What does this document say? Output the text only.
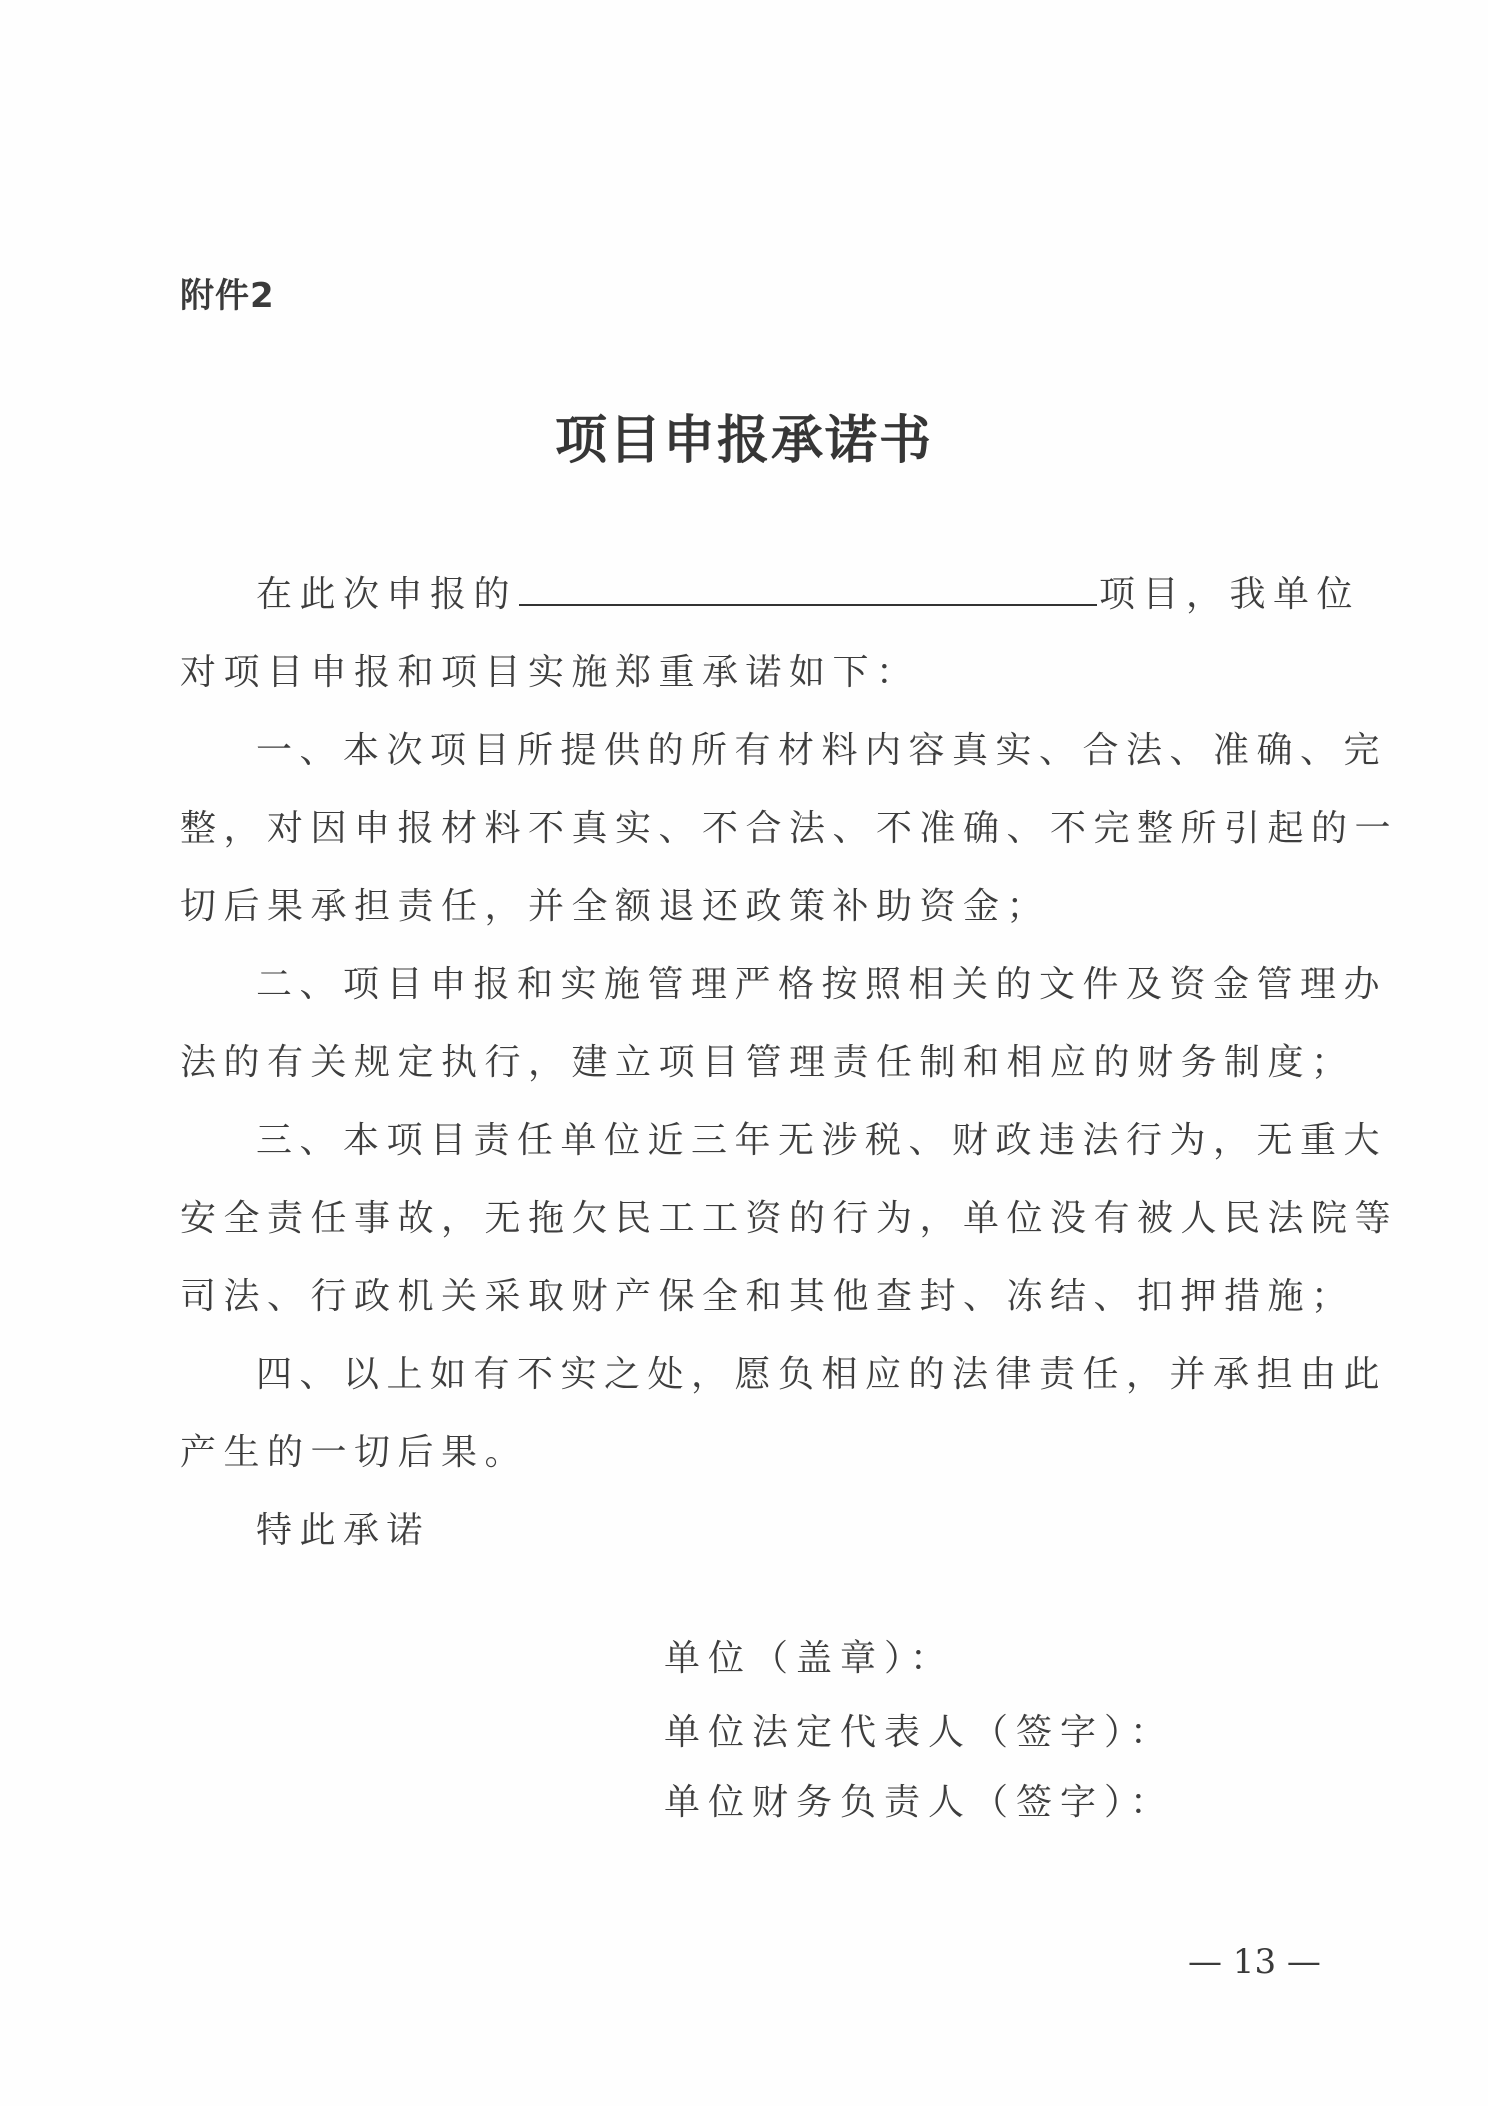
附件2
项目申报承诺书
在此次申报的	项目，我单位
对项目申报和项目实施郑重承诺如下：
一、本次项目所提供的所有材料内容真实、合法、准确、完
整，对因申报材料不真实、不合法、不准确、不完整所引起的一
切后果承担责任，并全额退还政策补助资金；
二、项目申报和实施管理严格按照相关的文件及资金管理办
法的有关规定执行，建立项目管理责任制和相应的财务制度；
三、本项目责任单位近三年无涉税、财政违法行为，无重大
安全责任事故，无拖欠民工工资的行为，单位没有被人民法院等
司法、行政机关采取财产保全和其他查封、冻结、扣押措施；
四、以上如有不实之处，愿负相应的法律责任，并承担由此
产生的一切后果。
特此承诺
单位（盖章）：
单位法定代表人（签字）：
单位财务负责人（签字）：
— 13 —
